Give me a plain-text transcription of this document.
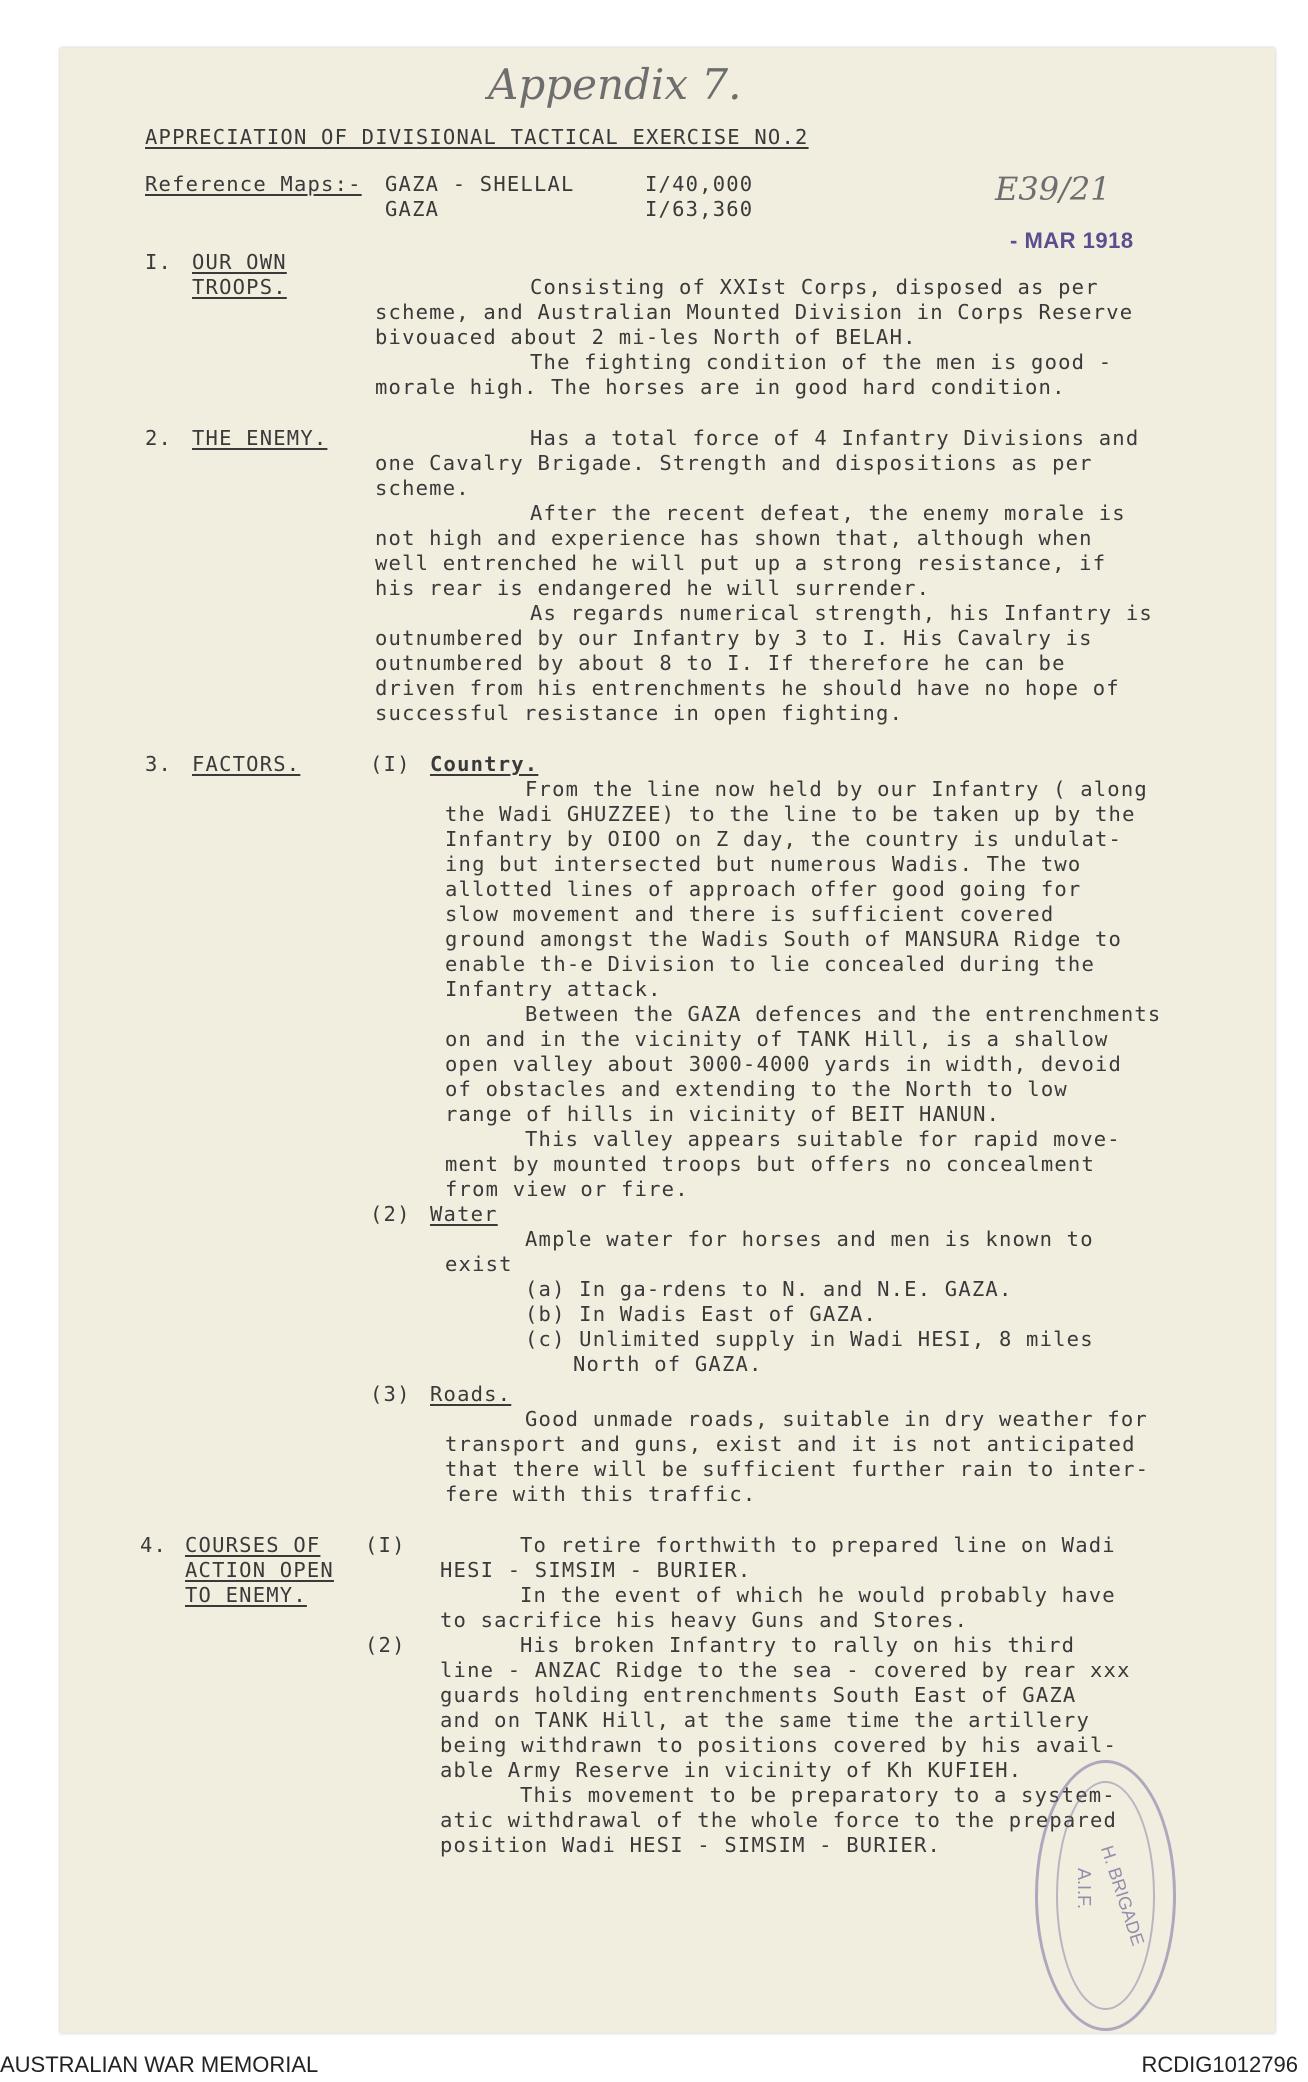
Appendix 7.
E39/21
- MAR 1918
APPRECIATION OF DIVISIONAL TACTICAL EXERCISE NO.2
Reference Maps:- GAZA - SHELLAL	I/40,000
GAZA	I/63,360
I. OUR OWN
TROOPS.	Consisting of XXIst Corps, disposed as per
scheme, and Australian Mounted Division in Corps Reserve
bivouaced about 2 mi-les North of BELAH.
The fighting condition of the men is good -
morale high. The horses are in good hard condition.
2. THE ENEMY.	Has a total force of 4 Infantry Divisions and
one Cavalry Brigade. Strength and dispositions as per
scheme.
After the recent defeat, the enemy morale is
not high and experience has shown that, although when
well entrenched he will put up a strong resistance, if
his rear is endangered he will surrender.
As regards numerical strength, his Infantry is
outnumbered by our Infantry by 3 to I. His Cavalry is
outnumbered by about 8 to I. If therefore he can be
driven from his entrenchments he should have no hope of
successful resistance in open fighting.
3. FACTORS.	(I) Country.
From the line now held by our Infantry ( along
the Wadi GHUZZEE) to the line to be taken up by the
Infantry by OIOO on Z day, the country is undulat-
ing but intersected but numerous Wadis. The two
allotted lines of approach offer good going for
slow movement and there is sufficient covered
ground amongst the Wadis South of MANSURA Ridge to
enable th-e Division to lie concealed during the
Infantry attack.
Between the GAZA defences and the entrenchments
on and in the vicinity of TANK Hill, is a shallow
open valley about 3000-4000 yards in width, devoid
of obstacles and extending to the North to low
range of hills in vicinity of BEIT HANUN.
This valley appears suitable for rapid move-
ment by mounted troops but offers no concealment
from view or fire.
(2) Water
Ample water for horses and men is known to
exist
(a) In ga-rdens to N. and N.E. GAZA.
(b) In Wadis East of GAZA.
(c) Unlimited supply in Wadi HESI, 8 miles
North of GAZA.
(3) Roads.
Good unmade roads, suitable in dry weather for
transport and guns, exist and it is not anticipated
that there will be sufficient further rain to inter-
fere with this traffic.
4. COURSES OF
ACTION OPEN
TO ENEMY.
(I)	To retire forthwith to prepared line on Wadi
HESI - SIMSIM - BURIER.
In the event of which he would probably have
to sacrifice his heavy Guns and Stores.
(2)	His broken Infantry to rally on his third
line - ANZAC Ridge to the sea - covered by rear xxx
guards holding entrenchments South East of GAZA
and on TANK Hill, at the same time the artillery
being withdrawn to positions covered by his avail-
able Army Reserve in vicinity of Kh KUFIEH.
This movement to be preparatory to a system-
atic withdrawal of the whole force to the prepared
position Wadi HESI - SIMSIM - BURIER.	H. BRIGADE
A.I.F.
AUSTRALIAN WAR MEMORIAL	RCDIG1012796
